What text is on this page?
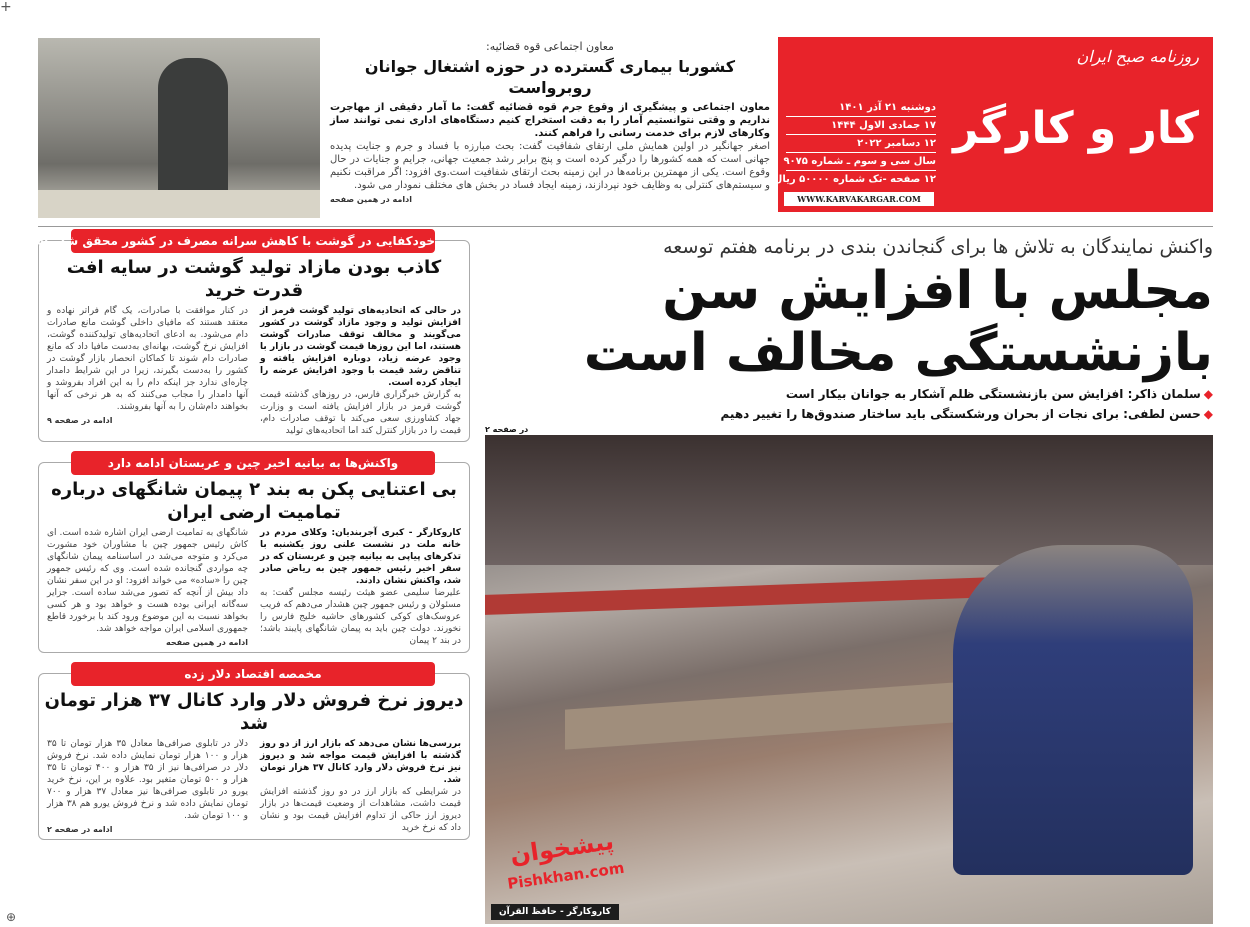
+
معاون اجتماعی قوه قضائیه:
کشوربا بیماری گسترده در حوزه اشتغال جوانان روبرواست
معاون اجتماعی و پیشگیری از وقوع جرم قوه قضائیه گفت: ما آمار دقیقی از مهاجرت نداریم و وقتی نتوانستیم آمار را به دقت استخراج کنیم دستگاه‌های اداری نمی توانند ساز وکارهای لازم برای خدمت رسانی را فراهم کنند.
اصغر جهانگیر در اولین همایش ملی ارتقای شفافیت گفت: بحث مبارزه با فساد و جرم و جنایت پدیده جهانی است که همه کشورها را درگیر کرده است و پنج برابر رشد جمعیت جهانی، جرایم و جنایات در حال وقوع است. یکی از مهمترین برنامه‌ها در این زمینه بحث ارتقای شفافیت است.وی افزود: اگر مراقبت نکنیم و سیستم‌های کنترلی به وظایف خود نپردازند، زمینه ایجاد فساد در بخش های مختلف نمودار می شود.
ادامه در همین صفحه
روزنامه صبح ایران
کار و کارگر
دوشنبه ۲۱ آذر ۱۴۰۱
۱۷ جمادی الاول ۱۴۴۴
۱۲ دسامبر ۲۰۲۲
سال سی و سوم ـ شماره ۹۰۷۵
۱۲ صفحه -تک شماره ۵۰۰۰۰ ریال
WWW.KARVAKARGAR.COM
واکنش نمایندگان به تلاش ها برای گنجاندن بندی در برنامه هفتم توسعه
مجلس با افزایش سن بازنشستگی مخالف است
◆سلمان ذاکر: افزایش سن بازنشستگی ظلم آشکار به جوانان بیکار است
◆حسن لطفی: برای نجات از بحران ورشکستگی باید ساختار صندوق‌ها را تغییر دهیم
در صفحه ۲
پیشخوان
Pishkhan.com
کاروکارگر - حافظ القرآن
خودکفایی در گوشت با کاهش سرانه مصرف در کشور محقق شده است
کاذب بودن مازاد تولید گوشت در سایه افت قدرت خرید
در حالی که اتحادیه‌های تولید گوشت قرمز از افزایش تولید و وجود مازاد گوشت در کشور می‌گویند و مخالف توقف صادرات گوشت هستند، اما این روزها قیمت گوشت در بازار با وجود عرضه زیاد، دوباره افزایش یافته و تناقض رشد قیمت با وجود افزایش عرضه را ایجاد کرده است.
به گزارش خبرگزاری فارس، در روزهای گذشته قیمت گوشت قرمز در بازار افزایش یافته است و وزارت جهاد کشاورزی سعی می‌کند با توقف صادرات دام، قیمت را در بازار کنترل کند اما اتحادیه‌های تولید
در کنار موافقت با صادرات، یک گام فراتر نهاده و معتقد هستند که مافیای داخلی گوشت مانع صادرات دام می‌شود. به ادعای اتحادیه‌های تولیدکننده گوشت، افزایش نرخ گوشت، بهانه‌ای به‌دست مافیا داد که مانع صادرات دام شوند تا کماکان انحصار بازار گوشت در کشور را به‌دست بگیرند، زیرا در این شرایط دامدار چاره‌ای ندارد جز اینکه دام را به این افراد بفروشد و آنها دامدار را مجاب می‌کنند که به هر نرخی که آنها بخواهند دام‌شان را به آنها بفروشند.
ادامه در صفحه ۹
واکنش‌ها به بیانیه اخیر چین و عربستان ادامه دارد
بی اعتنایی پکن به بند ۲ پیمان شانگهای درباره تمامیت ارضی ایران
کاروکارگر - کبری آجربندیان: وکلای مردم در خانه ملت در نشست علنی روز یکشنبه با تذکرهای پیاپی به بیانیه چین و عربستان که در سفر اخیر رئیس جمهور چین به ریاض صادر شد، واکنش نشان دادند.
علیرضا سلیمی عضو هیئت رئیسه مجلس گفت: به مسئولان و رئیس جمهور چین هشدار می‌دهم که فریب عروسک‌های کوکی کشورهای حاشیه خلیج فارس را نخورند. دولت چین باید به پیمان شانگهای پایبند باشد؛ در بند ۲ پیمان
شانگهای به تمامیت ارضی ایران اشاره شده است. ای کاش رئیس جمهور چین با مشاوران خود مشورت می‌کرد و متوجه می‌شد در اساسنامه پیمان شانگهای چه مواردی گنجانده شده است. وی که رئیس جمهور چین را «ساده» می خواند افزود: او در این سفر نشان داد بیش از آنچه که تصور می‌شد ساده است. جزایر سه‌گانه ایرانی بوده‌ هست و خواهد بود و هر کسی بخواهد نسبت به این موضوع ورود کند با برخورد قاطع جمهوری اسلامی ایران مواجه خواهد شد.
ادامه در همین صفحه
مخمصه اقتصاد دلار زده
دیروز نرخ فروش دلار وارد کانال ۳۷ هزار تومان شد
بررسی‌ها نشان می‌دهد که بازار ارز از دو روز گذشته با افزایش قیمت مواجه شد و دیروز نیز نرخ فروش دلار وارد کانال ۳۷ هزار تومان شد.
در شرایطی که بازار ارز در دو روز گذشته افزایش قیمت داشت، مشاهدات از وضعیت قیمت‌ها در بازار دیروز ارز حاکی از تداوم افزایش قیمت بود و نشان داد که نرخ خرید
دلار در تابلوی صرافی‌ها معادل ۳۵ هزار تومان تا ۳۵ هزار و ۱۰۰ هزار تومان نمایش داده شد. نرخ فروش دلار در صرافی‌ها نیز از ۳۵ هزار و ۴۰۰ تومان تا ۳۵ هزار و ۵۰۰ تومان متغیر بود. علاوه بر این، نرخ خرید یورو در تابلوی صرافی‌ها نیز معادل ۳۷ هزار و ۷۰۰ تومان نمایش داده شد و نرخ فروش یورو هم ۳۸ هزار و ۱۰۰ تومان شد.
ادامه در صفحه ۲
⊕
